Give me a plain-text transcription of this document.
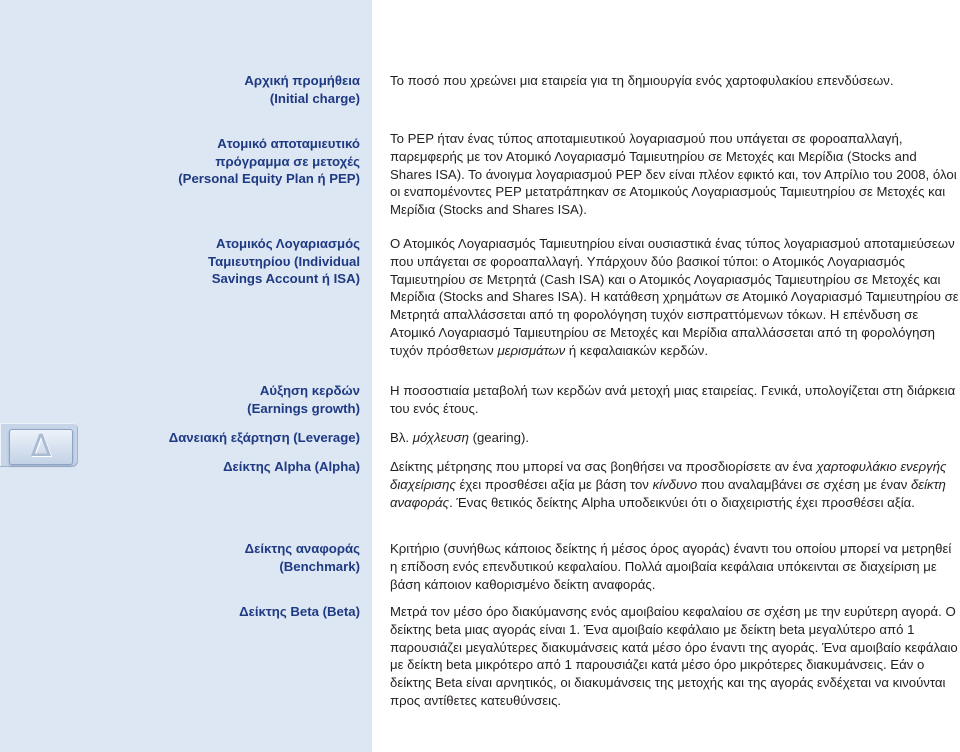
Δ
Αρχική προμήθεια
(Initial charge)

Το ποσό που χρεώνει μια εταιρεία για τη δημιουργία ενός χαρτοφυλακίου επενδύσεων.

Ατομικό αποταμιευτικό
πρόγραμμα σε μετοχές
(Personal Equity Plan ή PEP)

Το PEP ήταν ένας τύπος αποταμιευτικού λογαριασμού που υπάγεται σε φοροαπαλλαγή, παρεμφερής με τον Ατομικό Λογαριασμό Ταμιευτηρίου σε Μετοχές και Μερίδια (Stocks and Shares ISA). Το άνοιγμα λογαριασμού PEP δεν είναι πλέον εφικτό και, τον Απρίλιο του 2008, όλοι οι εναπομένοντες PEP μετατράπηκαν σε Ατομικούς Λογαριασμούς Ταμιευτηρίου σε Μετοχές και Μερίδια (Stocks and Shares ISA).

Ατομικός Λογαριασμός
Ταμιευτηρίου (Individual
Savings Account ή ISA)

Ο Ατομικός Λογαριασμός Ταμιευτηρίου είναι ουσιαστικά ένας τύπος λογαριασμού αποταμιεύσεων που υπάγεται σε φοροαπαλλαγή. Υπάρχουν δύο βασικοί τύποι: ο Ατομικός Λογαριασμός Ταμιευτηρίου σε Μετρητά (Cash ISA) και ο Ατομικός Λογαριασμός Ταμιευτηρίου σε Μετοχές και Μερίδια (Stocks and Shares ISA). Η κατάθεση χρημάτων σε Ατομικό Λογαριασμό Ταμιευτηρίου σε Μετρητά απαλλάσσεται από τη φορολόγηση τυχόν εισπραττόμενων τόκων. Η επένδυση σε Ατομικό Λογαριασμό Ταμιευτηρίου σε Μετοχές και Μερίδια απαλλάσσεται από τη φορολόγηση τυχόν πρόσθετων μερισμάτων ή κεφαλαιακών κερδών.

Αύξηση κερδών
(Earnings growth)

Η ποσοστιαία μεταβολή των κερδών ανά μετοχή μιας εταιρείας. Γενικά, υπολογίζεται στη διάρκεια του ενός έτους.

Δανειακή εξάρτηση (Leverage) Βλ. μόχλευση (gearing).

Δείκτης Alpha (Alpha) Δείκτης μέτρησης που μπορεί να σας βοηθήσει να προσδιορίσετε αν ένα χαρτοφυλάκιο ενεργής διαχείρισης έχει προσθέσει αξία με βάση τον κίνδυνο που αναλαμβάνει σε σχέση με έναν δείκτη αναφοράς. Ένας θετικός δείκτης Alpha υποδεικνύει ότι ο διαχειριστής έχει προσθέσει αξία.

Δείκτης αναφοράς
(Benchmark)

Κριτήριο (συνήθως κάποιος δείκτης ή μέσος όρος αγοράς) έναντι του οποίου μπορεί να μετρηθεί η επίδοση ενός επενδυτικού κεφαλαίου. Πολλά αμοιβαία κεφάλαια υπόκεινται σε διαχείριση με βάση κάποιον καθορισμένο δείκτη αναφοράς.

Δείκτης Beta (Beta) Μετρά τον μέσο όρο διακύμανσης ενός αμοιβαίου κεφαλαίου σε σχέση με την ευρύτερη αγορά. Ο δείκτης beta μιας αγοράς είναι 1. Ένα αμοιβαίο κεφάλαιο με δείκτη beta μεγαλύτερο από 1 παρουσιάζει μεγαλύτερες διακυμάνσεις κατά μέσο όρο έναντι της αγοράς. Ένα αμοιβαίο κεφάλαιο με δείκτη beta μικρότερο από 1 παρουσιάζει κατά μέσο όρο μικρότερες διακυμάνσεις. Εάν ο δείκτης Beta είναι αρνητικός, οι διακυμάνσεις της μετοχής και της αγοράς ενδέχεται να κινούνται προς αντίθετες κατευθύνσεις.
